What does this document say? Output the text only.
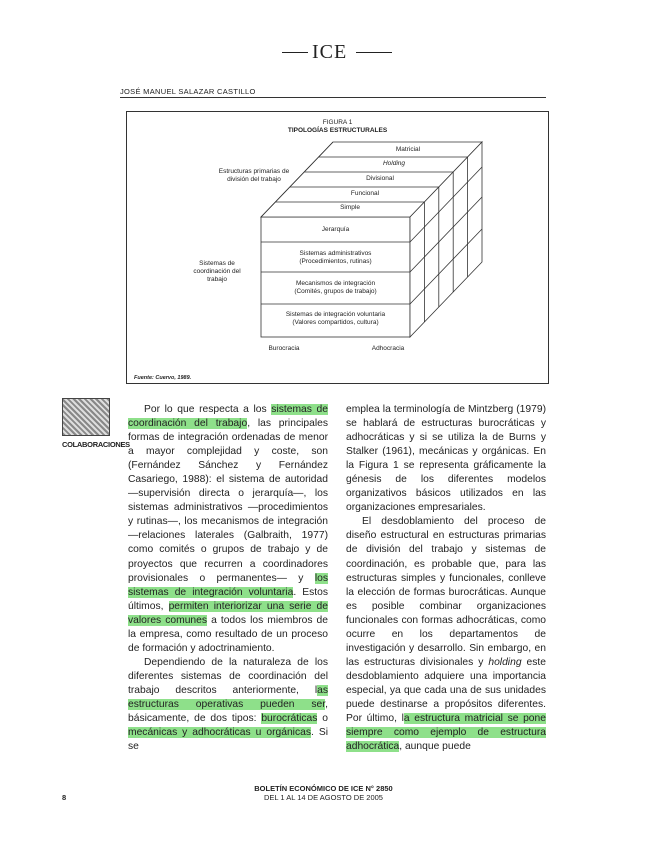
ICE
JOSÉ MANUEL SALAZAR CASTILLO
FIGURA 1
TIPOLOGÍAS ESTRUCTURALES
Estructuras primarias de división del trabajo
Sistemas de coordinación del trabajo
Matricial
Holding
Divisional
Funcional
Simple
Jerarquía
Sistemas administrativos
(Procedimientos, rutinas)
Mecanismos de integración
(Comités, grupos de trabajo)
Sistemas de integración voluntaria
(Valores compartidos, cultura)
Burocracia	Adhocracia
Fuente: Cuervo, 1989.
COLABORACIONES

Por lo que respecta a los sistemas de coordinación del trabajo, las principales formas de integración ordenadas de menor a mayor complejidad y coste, son (Fernández Sánchez y Fernández Casariego, 1988): el sistema de autoridad —supervisión directa o jerarquía—, los sistemas administrativos —procedimientos y rutinas—, los mecanismos de integración —relaciones laterales (Galbraith, 1977) como comités o grupos de trabajo y de proyectos que recurren a coordinadores provisionales o permanentes— y los sistemas de integración voluntaria. Estos últimos, permiten interiorizar una serie de valores comunes a todos los miembros de la empresa, como resultado de un proceso de formación y adoctrinamiento.

Dependiendo de la naturaleza de los diferentes sistemas de coordinación del trabajo descritos anteriormente, las estructuras operativas pueden ser, básicamente, de dos tipos: burocráticas o mecánicas y adhocráticas u orgánicas. Si se

emplea la terminología de Mintzberg (1979) se hablará de estructuras burocráticas y adhocráticas y si se utiliza la de Burns y Stalker (1961), mecánicas y orgánicas. En la Figura 1 se representa gráficamente la génesis de los diferentes modelos organizativos básicos utilizados en las organizaciones empresariales.

El desdoblamiento del proceso de diseño estructural en estructuras primarias de división del trabajo y sistemas de coordinación, es probable que, para las estructuras simples y funcionales, conlleve la elección de formas burocráticas. Aunque es posible combinar organizaciones funcionales con formas adhocráticas, como ocurre en los departamentos de investigación y desarrollo. Sin embargo, en las estructuras divisionales y holding este desdoblamiento adquiere una importancia especial, ya que cada una de sus unidades puede destinarse a propósitos diferentes. Por último, la estructura matricial se pone siempre como ejemplo de estructura adhocrática, aunque puede

BOLETÍN ECONÓMICO DE ICE N° 2850
DEL 1 AL 14 DE AGOSTO DE 2005
8
